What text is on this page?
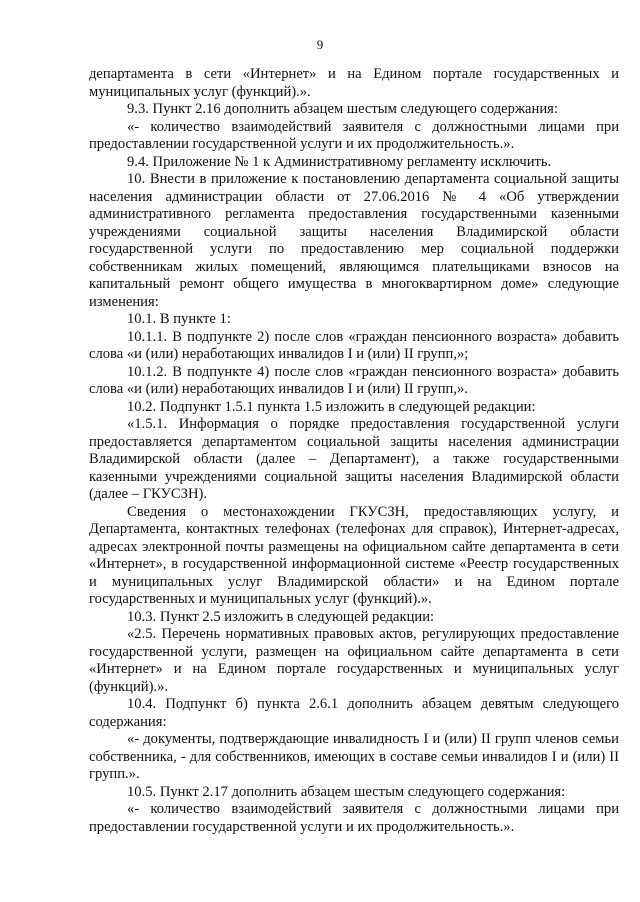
9

департамента в сети «Интернет» и на Едином портале государственных и муниципальных услуг (функций).».

9.3. Пункт 2.16 дополнить абзацем шестым следующего содержания:

«- количество взаимодействий заявителя с должностными лицами при предоставлении государственной услуги и их продолжительность.».

9.4. Приложение № 1 к Административному регламенту исключить.

10. Внести в приложение к постановлению департамента социальной защиты населения администрации области от 27.06.2016 № 4 «Об утверждении административного регламента предоставления государственными казенными учреждениями социальной защиты населения Владимирской области государственной услуги по предоставлению мер социальной поддержки собственникам жилых помещений, являющимся плательщиками взносов на капитальный ремонт общего имущества в многоквартирном доме» следующие изменения:

10.1. В пункте 1:

10.1.1. В подпункте 2) после слов «граждан пенсионного возраста» добавить слова «и (или) неработающих инвалидов I и (или) II групп,»;

10.1.2. В подпункте 4) после слов «граждан пенсионного возраста» добавить слова «и (или) неработающих инвалидов I и (или) II групп,».

10.2. Подпункт 1.5.1 пункта 1.5 изложить в следующей редакции:

«1.5.1. Информация о порядке предоставления государственной услуги предоставляется департаментом социальной защиты населения администрации Владимирской области (далее – Департамент), а также государственными казенными учреждениями социальной защиты населения Владимирской области (далее – ГКУСЗН).

Сведения о местонахождении ГКУСЗН, предоставляющих услугу, и Департамента, контактных телефонах (телефонах для справок), Интернет-адресах, адресах электронной почты размещены на официальном сайте департамента в сети «Интернет», в государственной информационной системе «Реестр государственных и муниципальных услуг Владимирской области» и на Едином портале государственных и муниципальных услуг (функций).».

10.3. Пункт 2.5 изложить в следующей редакции:

«2.5. Перечень нормативных правовых актов, регулирующих предоставление государственной услуги, размещен на официальном сайте департамента в сети «Интернет» и на Едином портале государственных и муниципальных услуг (функций).».

10.4. Подпункт б) пункта 2.6.1 дополнить абзацем девятым следующего содержания:

«- документы, подтверждающие инвалидность I и (или) II групп членов семьи собственника, - для собственников, имеющих в составе семьи инвалидов I и (или) II групп.».

10.5. Пункт 2.17 дополнить абзацем шестым следующего содержания:

«- количество взаимодействий заявителя с должностными лицами при предоставлении государственной услуги и их продолжительность.».
